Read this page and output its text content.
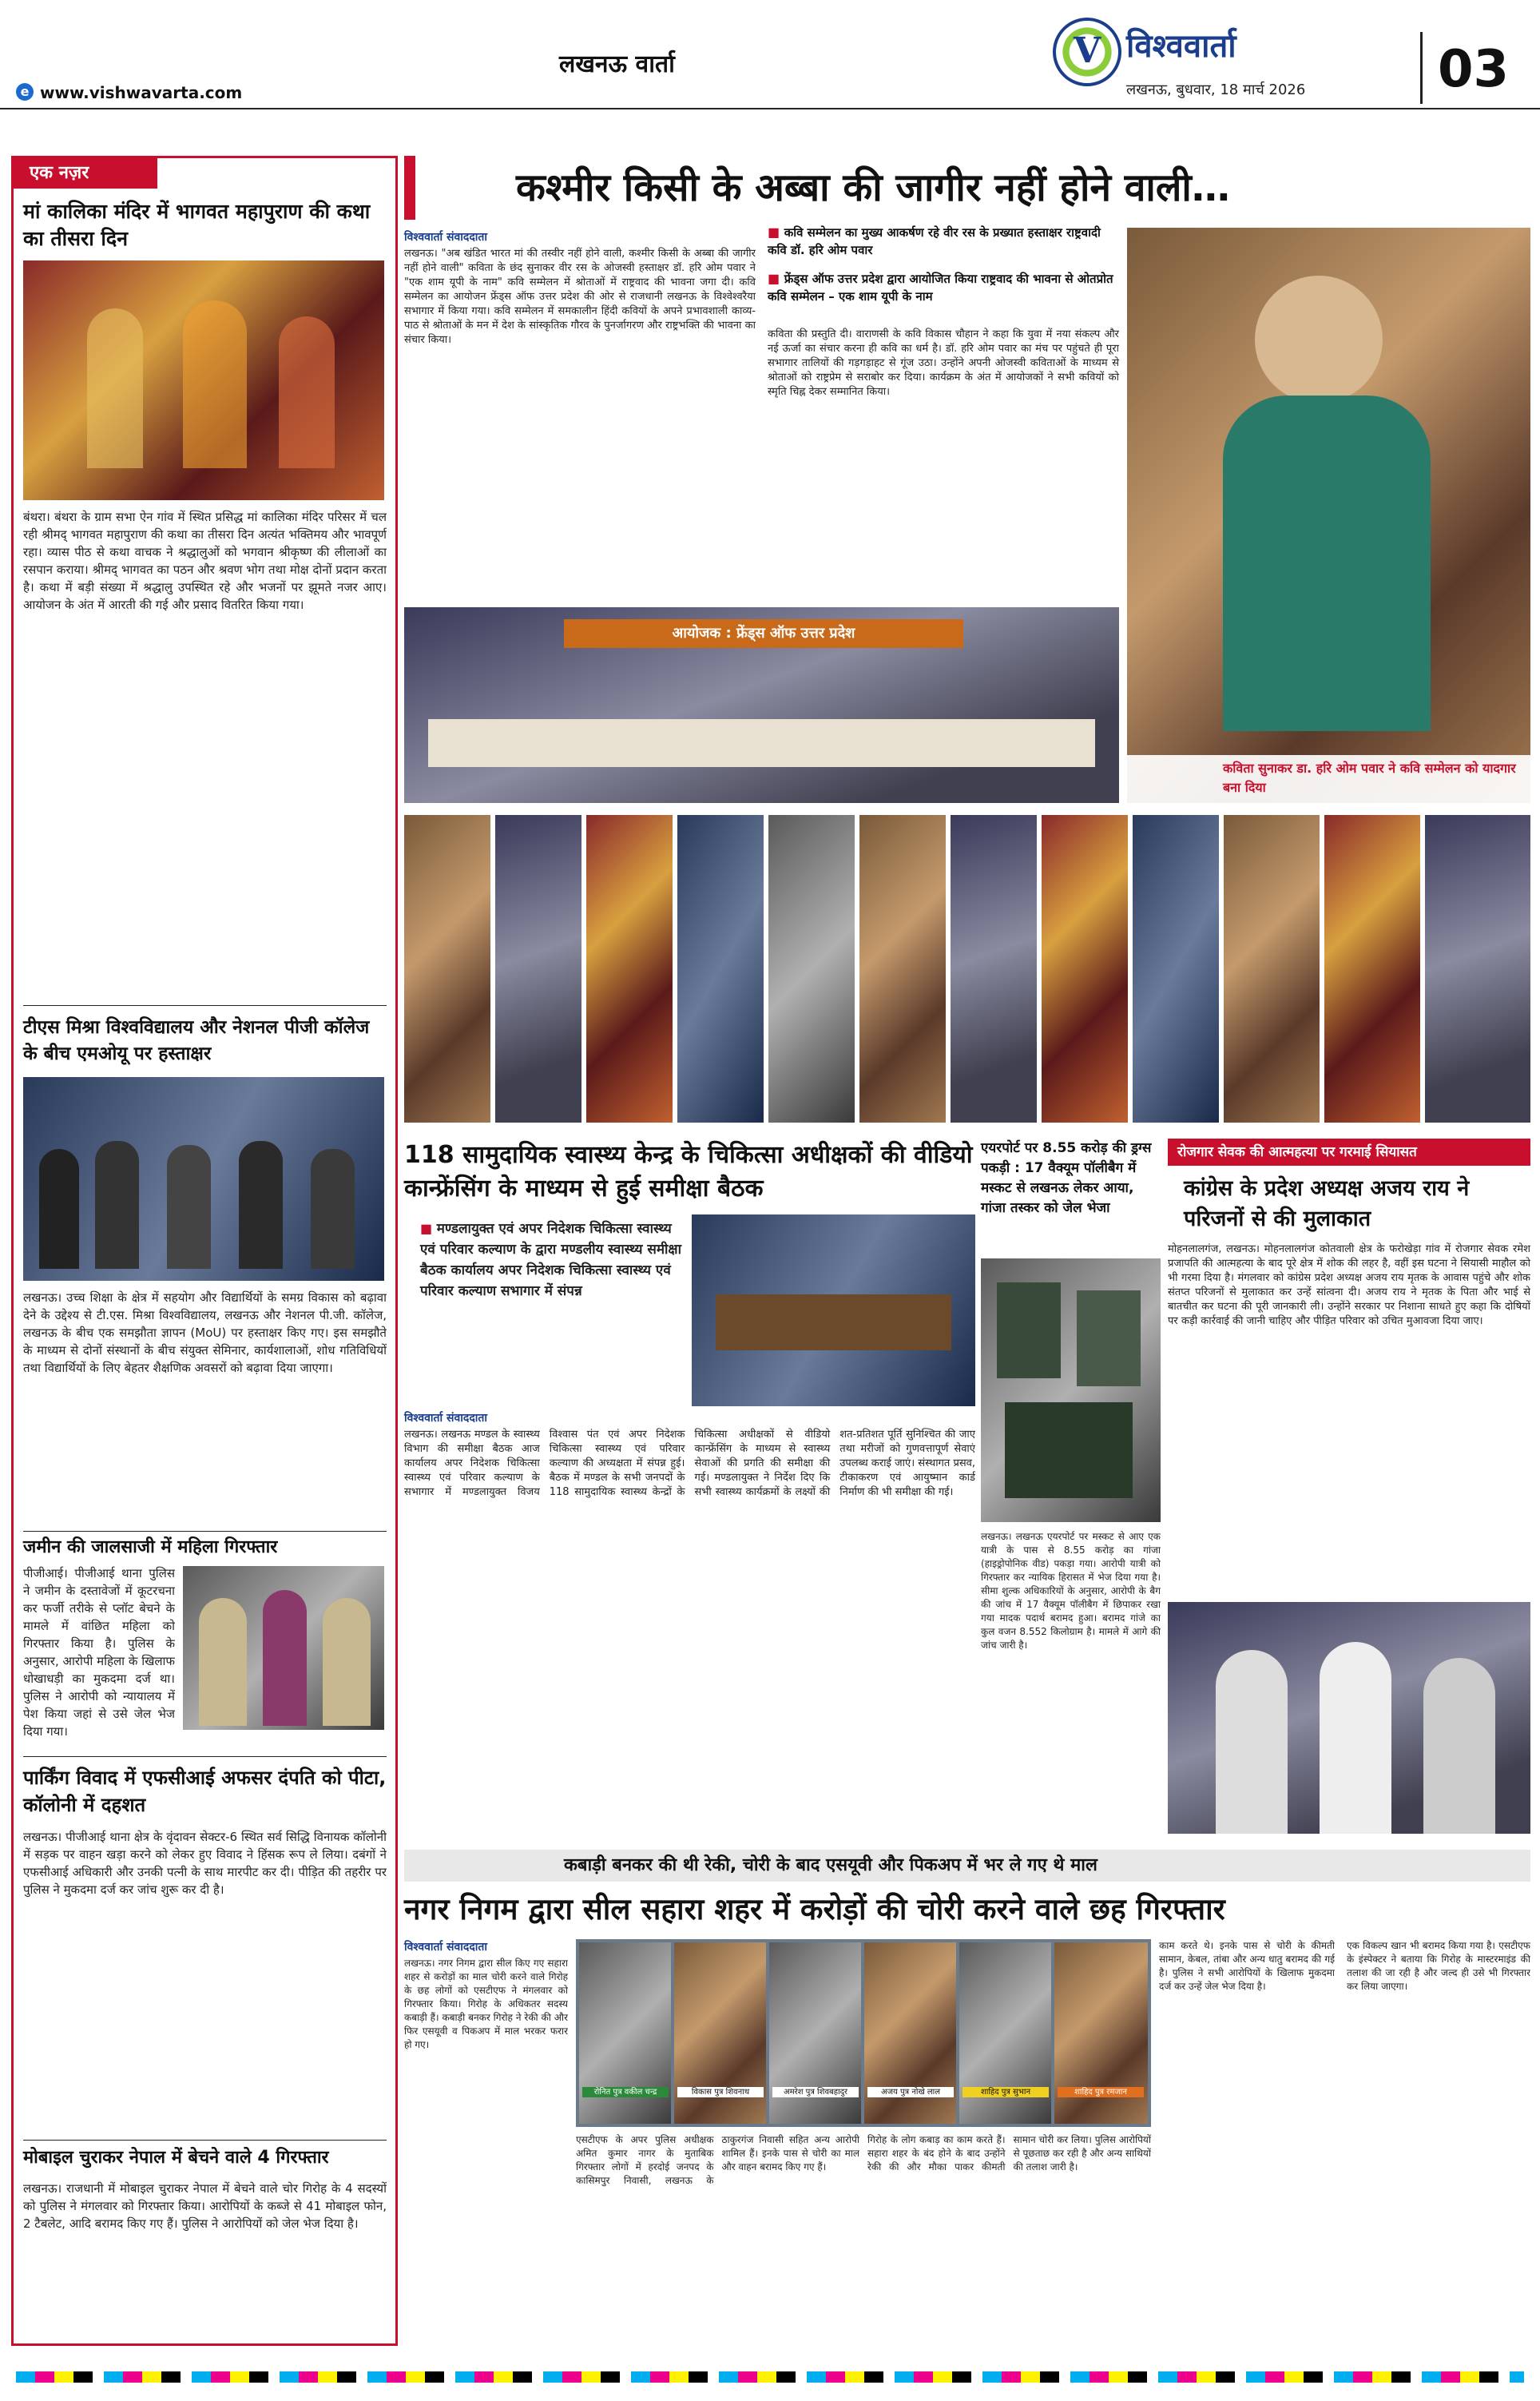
लखनऊ वार्ता
e www.vishwavarta.com
V विश्ववार्ता
लखनऊ, बुधवार, 18 मार्च 2026	03
एक नज़र
मां कालिका मंदिर में भागवत महापुराण की कथा का तीसरा दिन
बंथरा। बंथरा के ग्राम सभा ऐन गांव में स्थित प्रसिद्ध मां कालिका मंदिर परिसर में चल रही श्रीमद् भागवत महापुराण की कथा का तीसरा दिन अत्यंत भक्तिमय और भावपूर्ण रहा। व्यास पीठ से कथा वाचक ने श्रद्धालुओं को भगवान श्रीकृष्ण की लीलाओं का रसपान कराया। श्रीमद् भागवत का पठन और श्रवण भोग तथा मोक्ष दोनों प्रदान करता है। कथा में बड़ी संख्या में श्रद्धालु उपस्थित रहे और भजनों पर झूमते नजर आए। आयोजन के अंत में आरती की गई और प्रसाद वितरित किया गया।
टीएस मिश्रा विश्वविद्यालय और नेशनल पीजी कॉलेज के बीच एमओयू पर हस्ताक्षर
लखनऊ। उच्च शिक्षा के क्षेत्र में सहयोग और विद्यार्थियों के समग्र विकास को बढ़ावा देने के उद्देश्य से टी.एस. मिश्रा विश्वविद्यालय, लखनऊ और नेशनल पी.जी. कॉलेज, लखनऊ के बीच एक समझौता ज्ञापन (MoU) पर हस्ताक्षर किए गए। इस समझौते के माध्यम से दोनों संस्थानों के बीच संयुक्त सेमिनार, कार्यशालाओं, शोध गतिविधियों तथा विद्यार्थियों के लिए बेहतर शैक्षणिक अवसरों को बढ़ावा दिया जाएगा।
जमीन की जालसाजी में महिला गिरफ्तार
पीजीआई। पीजीआई थाना पुलिस ने जमीन के दस्तावेजों में कूटरचना कर फर्जी तरीके से प्लॉट बेचने के मामले में वांछित महिला को गिरफ्तार किया है। पुलिस के अनुसार, आरोपी महिला के खिलाफ धोखाधड़ी का मुकदमा दर्ज था। पुलिस ने आरोपी को न्यायालय में पेश किया जहां से उसे जेल भेज दिया गया।
पार्किंग विवाद में एफसीआई अफसर दंपति को पीटा, कॉलोनी में दहशत
लखनऊ। पीजीआई थाना क्षेत्र के वृंदावन सेक्टर-6 स्थित सर्व सिद्धि विनायक कॉलोनी में सड़क पर वाहन खड़ा करने को लेकर हुए विवाद ने हिंसक रूप ले लिया। दबंगों ने एफसीआई अधिकारी और उनकी पत्नी के साथ मारपीट कर दी। पीड़ित की तहरीर पर पुलिस ने मुकदमा दर्ज कर जांच शुरू कर दी है।
मोबाइल चुराकर नेपाल में बेचने वाले 4 गिरफ्तार
लखनऊ। राजधानी में मोबाइल चुराकर नेपाल में बेचने वाले चोर गिरोह के 4 सदस्यों को पुलिस ने मंगलवार को गिरफ्तार किया। आरोपियों के कब्जे से 41 मोबाइल फोन, 2 टैबलेट, आदि बरामद किए गए हैं। पुलिस ने आरोपियों को जेल भेज दिया है।
कश्मीर किसी के अब्बा की जागीर नहीं होने वाली…
विश्ववार्ता संवाददाता
लखनऊ। "अब खंडित भारत मां की तस्वीर नहीं होने वाली, कश्मीर किसी के अब्बा की जागीर नहीं होने वाली" कविता के छंद सुनाकर वीर रस के ओजस्वी हस्ताक्षर डॉ. हरि ओम पवार ने "एक शाम यूपी के नाम" कवि सम्मेलन में श्रोताओं में राष्ट्रवाद की भावना जगा दी। कवि सम्मेलन का आयोजन फ्रेंड्स ऑफ उत्तर प्रदेश की ओर से राजधानी लखनऊ के विश्वेश्वरैया सभागार में किया गया। कवि सम्मेलन में समकालीन हिंदी कवियों के अपने प्रभावशाली काव्य-पाठ से श्रोताओं के मन में देश के सांस्कृतिक गौरव के पुनर्जागरण और राष्ट्रभक्ति की भावना का संचार किया।
■ कवि सम्मेलन का मुख्य आकर्षण रहे वीर रस के प्रख्यात हस्ताक्षर राष्ट्रवादी कवि डॉ. हरि ओम पवार
■ फ्रेंड्स ऑफ उत्तर प्रदेश द्वारा आयोजित किया राष्ट्रवाद की भावना से ओतप्रोत कवि सम्मेलन – एक शाम यूपी के नाम
कविता की प्रस्तुति दी। वाराणसी के कवि विकास चौहान ने कहा कि युवा में नया संकल्प और नई ऊर्जा का संचार करना ही कवि का धर्म है। डॉ. हरि ओम पवार का मंच पर पहुंचते ही पूरा सभागार तालियों की गड़गड़ाहट से गूंज उठा। उन्होंने अपनी ओजस्वी कविताओं के माध्यम से श्रोताओं को राष्ट्रप्रेम से सराबोर कर दिया। कार्यक्रम के अंत में आयोजकों ने सभी कवियों को स्मृति चिह्न देकर सम्मानित किया।
कविता सुनाकर डा. हरि ओम पवार ने कवि सम्मेलन को यादगार बना दिया
आयोजक : फ्रेंड्स ऑफ उत्तर प्रदेश
118 सामुदायिक स्वास्थ्य केन्द्र के चिकित्सा अधीक्षकों की वीडियो कान्फ्रेंसिंग के माध्यम से हुई समीक्षा बैठक
■ मण्डलायुक्त एवं अपर निदेशक चिकित्सा स्वास्थ्य एवं परिवार कल्याण के द्वारा मण्डलीय स्वास्थ्य समीक्षा बैठक कार्यालय अपर निदेशक चिकित्सा स्वास्थ्य एवं परिवार कल्याण सभागार में संपन्न
विश्ववार्ता संवाददाता
लखनऊ। लखनऊ मण्डल के स्वास्थ्य विभाग की समीक्षा बैठक आज कार्यालय अपर निदेशक चिकित्सा स्वास्थ्य एवं परिवार कल्याण के सभागार में मण्डलायुक्त विजय विश्वास पंत एवं अपर निदेशक चिकित्सा स्वास्थ्य एवं परिवार कल्याण की अध्यक्षता में संपन्न हुई। बैठक में मण्डल के सभी जनपदों के 118 सामुदायिक स्वास्थ्य केन्द्रों के चिकित्सा अधीक्षकों से वीडियो कान्फ्रेंसिंग के माध्यम से स्वास्थ्य सेवाओं की प्रगति की समीक्षा की गई। मण्डलायुक्त ने निर्देश दिए कि सभी स्वास्थ्य कार्यक्रमों के लक्ष्यों की शत-प्रतिशत पूर्ति सुनिश्चित की जाए तथा मरीजों को गुणवत्तापूर्ण सेवाएं उपलब्ध कराई जाएं। संस्थागत प्रसव, टीकाकरण एवं आयुष्मान कार्ड निर्माण की भी समीक्षा की गई।
एयरपोर्ट पर 8.55 करोड़ की ड्रग्स पकड़ी : 17 वैक्यूम पॉलीबैग में मस्कट से लखनऊ लेकर आया, गांजा तस्कर को जेल भेजा
लखनऊ। लखनऊ एयरपोर्ट पर मस्कट से आए एक यात्री के पास से 8.55 करोड़ का गांजा (हाइड्रोपोनिक वीड) पकड़ा गया। आरोपी यात्री को गिरफ्तार कर न्यायिक हिरासत में भेज दिया गया है। सीमा शुल्क अधिकारियों के अनुसार, आरोपी के बैग की जांच में 17 वैक्यूम पॉलीबैग में छिपाकर रखा गया मादक पदार्थ बरामद हुआ। बरामद गांजे का कुल वजन 8.552 किलोग्राम है। मामले में आगे की जांच जारी है।
रोजगार सेवक की आत्महत्या पर गरमाई सियासत
कांग्रेस के प्रदेश अध्यक्ष अजय राय ने परिजनों से की मुलाकात
मोहनलालगंज, लखनऊ। मोहनलालगंज कोतवाली क्षेत्र के फरोखेड़ा गांव में रोजगार सेवक रमेश प्रजापति की आत्महत्या के बाद पूरे क्षेत्र में शोक की लहर है, वहीं इस घटना ने सियासी माहौल को भी गरमा दिया है। मंगलवार को कांग्रेस प्रदेश अध्यक्ष अजय राय मृतक के आवास पहुंचे और शोक संतप्त परिजनों से मुलाकात कर उन्हें सांत्वना दी। अजय राय ने मृतक के पिता और भाई से बातचीत कर घटना की पूरी जानकारी ली। उन्होंने सरकार पर निशाना साधते हुए कहा कि दोषियों पर कड़ी कार्रवाई की जानी चाहिए और पीड़ित परिवार को उचित मुआवजा दिया जाए।
कबाड़ी बनकर की थी रेकी, चोरी के बाद एसयूवी और पिकअप में भर ले गए थे माल
नगर निगम द्वारा सील सहारा शहर में करोड़ों की चोरी करने वाले छह गिरफ्तार
विश्ववार्ता संवाददाता
लखनऊ। नगर निगम द्वारा सील किए गए सहारा शहर से करोड़ों का माल चोरी करने वाले गिरोह के छह लोगों को एसटीएफ ने मंगलवार को गिरफ्तार किया। गिरोह के अधिकतर सदस्य कबाड़ी हैं। कबाड़ी बनकर गिरोह ने रेकी की और फिर एसयूवी व पिकअप में माल भरकर फरार हो गए।
रोनित पुत्र वकील चन्द्र	विकास पुत्र शिवनाथ	अमरेश पुत्र शिवबहादुर	अजय पुत्र नोखे लाल	शाहिद पुत्र सुभान	शाहिद पुत्र रमजान
एसटीएफ के अपर पुलिस अधीक्षक अमित कुमार नागर के मुताबिक गिरफ्तार लोगों में हरदोई जनपद के कासिमपुर निवासी, लखनऊ के ठाकुरगंज निवासी सहित अन्य आरोपी शामिल हैं। इनके पास से चोरी का माल और वाहन बरामद किए गए हैं।
गिरोह के लोग कबाड़ का काम करते हैं। सहारा शहर के बंद होने के बाद उन्होंने रेकी की और मौका पाकर कीमती सामान चोरी कर लिया। पुलिस आरोपियों से पूछताछ कर रही है और अन्य साथियों की तलाश जारी है।
काम करते थे। इनके पास से चोरी के कीमती सामान, केबल, तांबा और अन्य धातु बरामद की गई है। पुलिस ने सभी आरोपियों के खिलाफ मुकदमा दर्ज कर उन्हें जेल भेज दिया है।
एक विकल्प खान भी बरामद किया गया है। एसटीएफ के इंस्पेक्टर ने बताया कि गिरोह के मास्टरमाइंड की तलाश की जा रही है और जल्द ही उसे भी गिरफ्तार कर लिया जाएगा।
